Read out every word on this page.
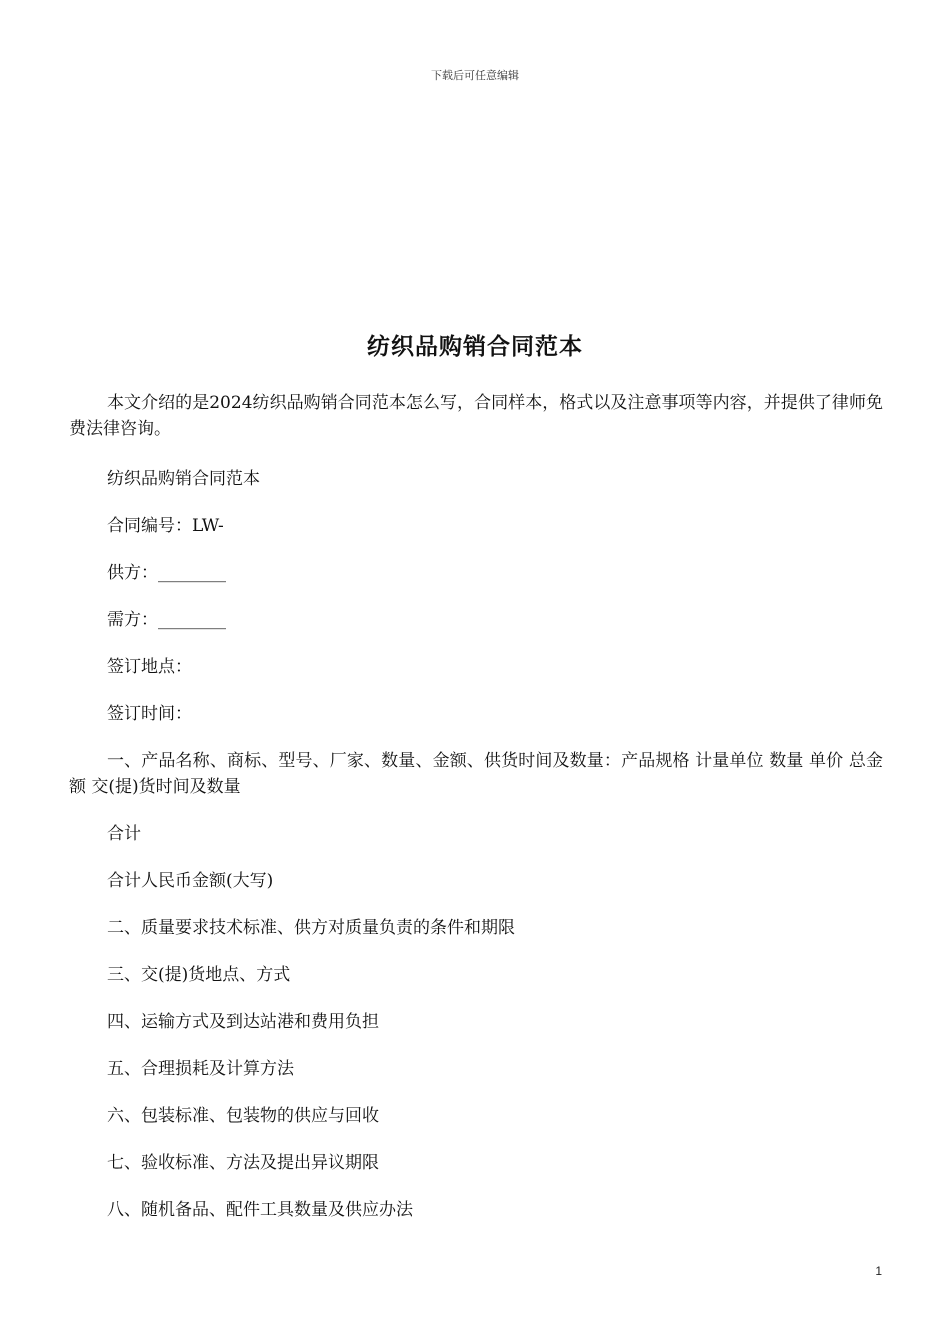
下载后可任意编辑
纺织品购销合同范本

本文介绍的是2024纺织品购销合同范本怎么写，合同样本，格式以及注意事项等内容，并提供了律师免费法律咨询。

纺织品购销合同范本

合同编号：LW-

供方：________

需方：________

签订地点：

签订时间：

一、产品名称、商标、型号、厂家、数量、金额、供货时间及数量：产品规格 计量单位 数量 单价 总金额 交(提)货时间及数量

合计

合计人民币金额(大写)

二、质量要求技术标准、供方对质量负责的条件和期限

三、交(提)货地点、方式

四、运输方式及到达站港和费用负担

五、合理损耗及计算方法

六、包装标准、包装物的供应与回收

七、验收标准、方法及提出异议期限

八、随机备品、配件工具数量及供应办法

1
